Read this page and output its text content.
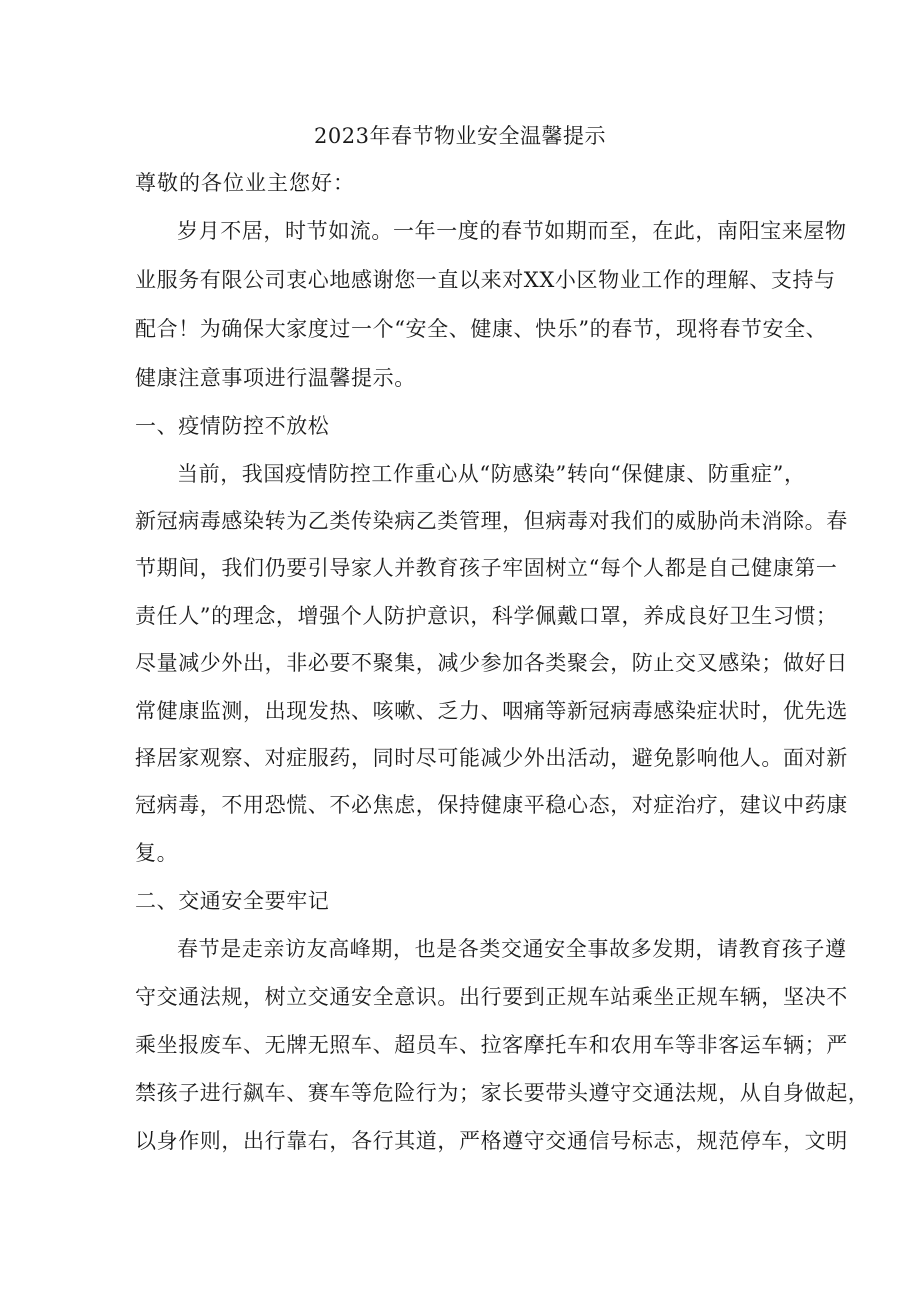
2023年春节物业安全温馨提示
尊敬的各位业主您好：
岁月不居，时节如流。一年一度的春节如期而至，在此，南阳宝来屋物
业服务有限公司衷心地感谢您一直以来对XX小区物业工作的理解、支持与
配合！为确保大家度过一个“安全、健康、快乐”的春节，现将春节安全、
健康注意事项进行温馨提示。
一、疫情防控不放松
当前，我国疫情防控工作重心从“防感染”转向“保健康、防重症”，
新冠病毒感染转为乙类传染病乙类管理，但病毒对我们的威胁尚未消除。春
节期间，我们仍要引导家人并教育孩子牢固树立“每个人都是自己健康第一
责任人”的理念，增强个人防护意识，科学佩戴口罩，养成良好卫生习惯；
尽量减少外出，非必要不聚集，减少参加各类聚会，防止交叉感染；做好日
常健康监测，出现发热、咳嗽、乏力、咽痛等新冠病毒感染症状时，优先选
择居家观察、对症服药，同时尽可能减少外出活动，避免影响他人。面对新
冠病毒，不用恐慌、不必焦虑，保持健康平稳心态，对症治疗，建议中药康
复。
二、交通安全要牢记
春节是走亲访友高峰期，也是各类交通安全事故多发期，请教育孩子遵
守交通法规，树立交通安全意识。出行要到正规车站乘坐正规车辆，坚决不
乘坐报废车、无牌无照车、超员车、拉客摩托车和农用车等非客运车辆；严
禁孩子进行飙车、赛车等危险行为；家长要带头遵守交通法规，从自身做起，
以身作则，出行靠右，各行其道，严格遵守交通信号标志，规范停车，文明
